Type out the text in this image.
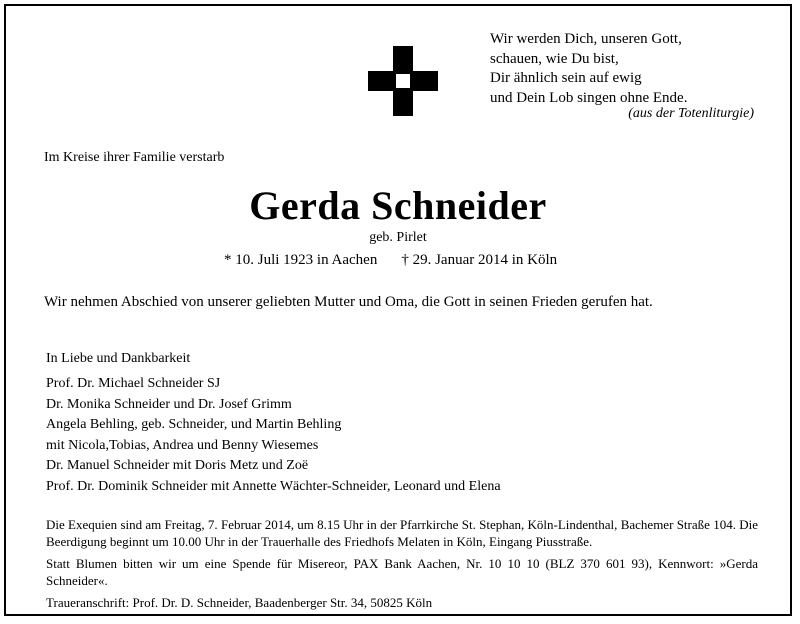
Wir werden Dich, unseren Gott,
schauen, wie Du bist,
Dir ähnlich sein auf ewig
und Dein Lob singen ohne Ende.
(aus der Totenliturgie)
Im Kreise ihrer Familie verstarb
Gerda Schneider
geb. Pirlet
* 10. Juli 1923 in Aachen † 29. Januar 2014 in Köln
Wir nehmen Abschied von unserer geliebten Mutter und Oma, die Gott in seinen Frieden gerufen hat.
In Liebe und Dankbarkeit
Prof. Dr. Michael Schneider SJ
Dr. Monika Schneider und Dr. Josef Grimm
Angela Behling, geb. Schneider, und Martin Behling
mit Nicola,Tobias, Andrea und Benny Wiesemes
Dr. Manuel Schneider mit Doris Metz und Zoë
Prof. Dr. Dominik Schneider mit Annette Wächter-Schneider, Leonard und Elena

Die Exequien sind am Freitag, 7. Februar 2014, um 8.15 Uhr in der Pfarrkirche St. Stephan, Köln-Lindenthal, Bachemer Straße 104. Die Beerdigung beginnt um 10.00 Uhr in der Trauerhalle des Friedhofs Melaten in Köln, Eingang Piusstraße.

Statt Blumen bitten wir um eine Spende für Misereor, PAX Bank Aachen, Nr. 10 10 10 (BLZ 370 601 93), Kennwort: »Gerda Schneider«.

Traueranschrift: Prof. Dr. D. Schneider, Baadenberger Str. 34, 50825 Köln
